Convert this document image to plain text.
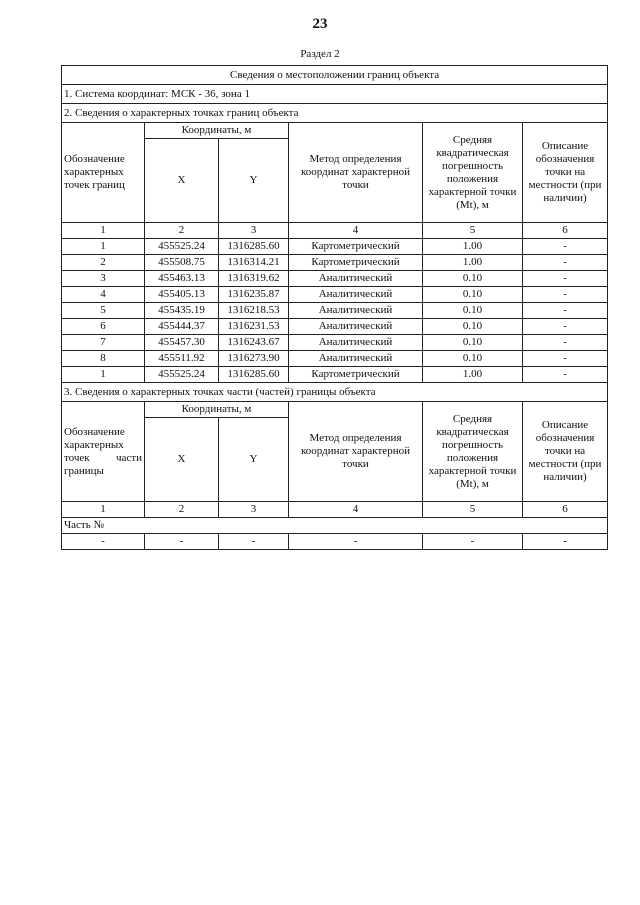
23
Раздел 2
Сведения о местоположении границ объекта					
1. Система координат: МСК - 36, зона 1					
2. Сведения о характерных точках границ объекта					
Обозначение характерных точек границ	Координаты, м		Метод определения координат характерной точки	Средняя квадратическая погрешность положения характерной точки (Mt), м	Описание обозначения точки на местности (при наличии)
	X	Y			
1	2	3	4	5	6
1	455525.24	1316285.60	Картометрический	1.00	-
2	455508.75	1316314.21	Картометрический	1.00	-
3	455463.13	1316319.62	Аналитический	0.10	-
4	455405.13	1316235.87	Аналитический	0.10	-
5	455435.19	1316218.53	Аналитический	0.10	-
6	455444.37	1316231.53	Аналитический	0.10	-
7	455457.30	1316243.67	Аналитический	0.10	-
8	455511.92	1316273.90	Аналитический	0.10	-
1	455525.24	1316285.60	Картометрический	1.00	-
3. Сведения о характерных точках части (частей) границы объекта					
Обозначение характерных точек части границы	Координаты, м		Метод определения координат характерной точки	Средняя квадратическая погрешность положения характерной точки (Mt), м	Описание обозначения точки на местности (при наличии)
	X	Y			
1	2	3	4	5	6
Часть №					
-	-	-	-	-	-
